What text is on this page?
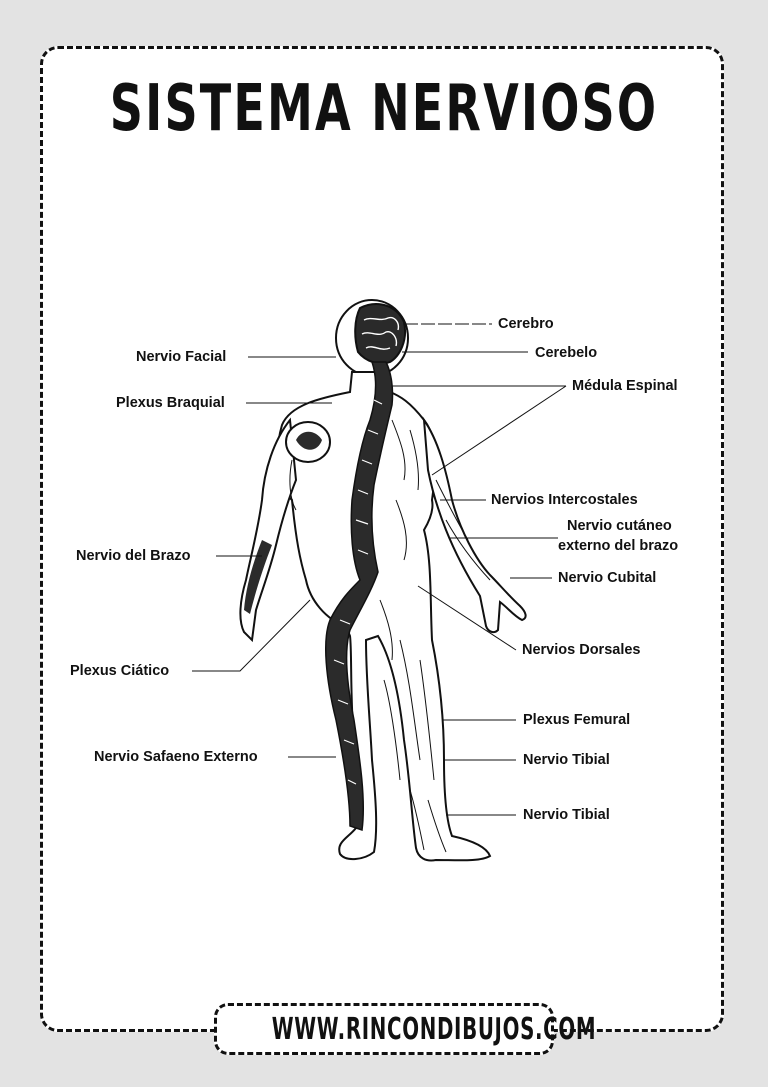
SISTEMA NERVIOSO
Cerebro
Cerebelo
Nervio Facial
Médula Espinal
Plexus Braquial
Nervios Intercostales
Nervio cutáneo
externo del brazo
Nervio del Brazo
Nervio Cubital
Nervios Dorsales
Plexus Ciático
Plexus Femural
Nervio Safaeno Externo	Nervio Tibial
Nervio Tibial
WWW.RINCONDIBUJOS.COM
